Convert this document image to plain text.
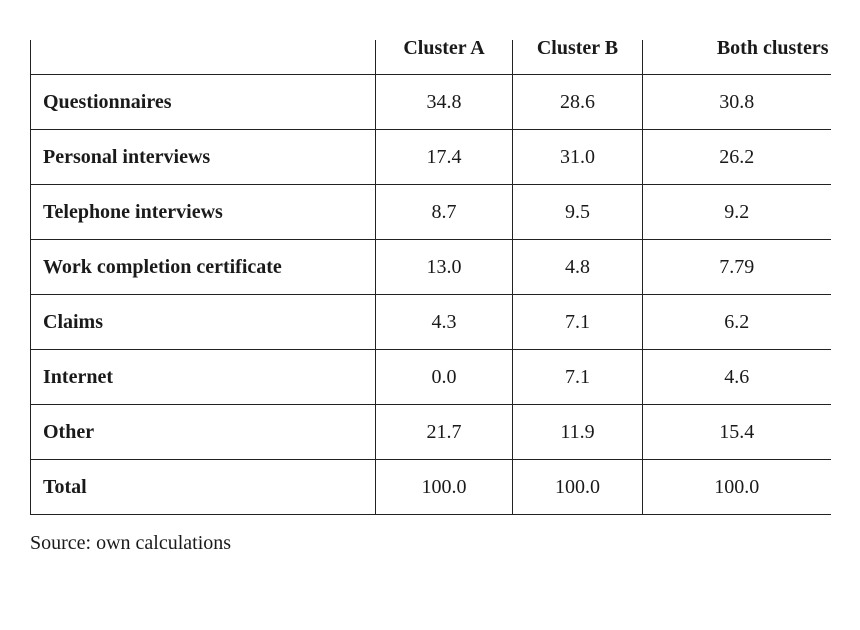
	Cluster A	Cluster B	Both clusters
Questionnaires	34.8	28.6	30.8
Personal interviews	17.4	31.0	26.2
Telephone interviews	8.7	9.5	9.2
Work completion certificate	13.0	4.8	7.79
Claims	4.3	7.1	6.2
Internet	0.0	7.1	4.6
Other	21.7	11.9	15.4
Total	100.0	100.0	100.0
Source: own calculations
